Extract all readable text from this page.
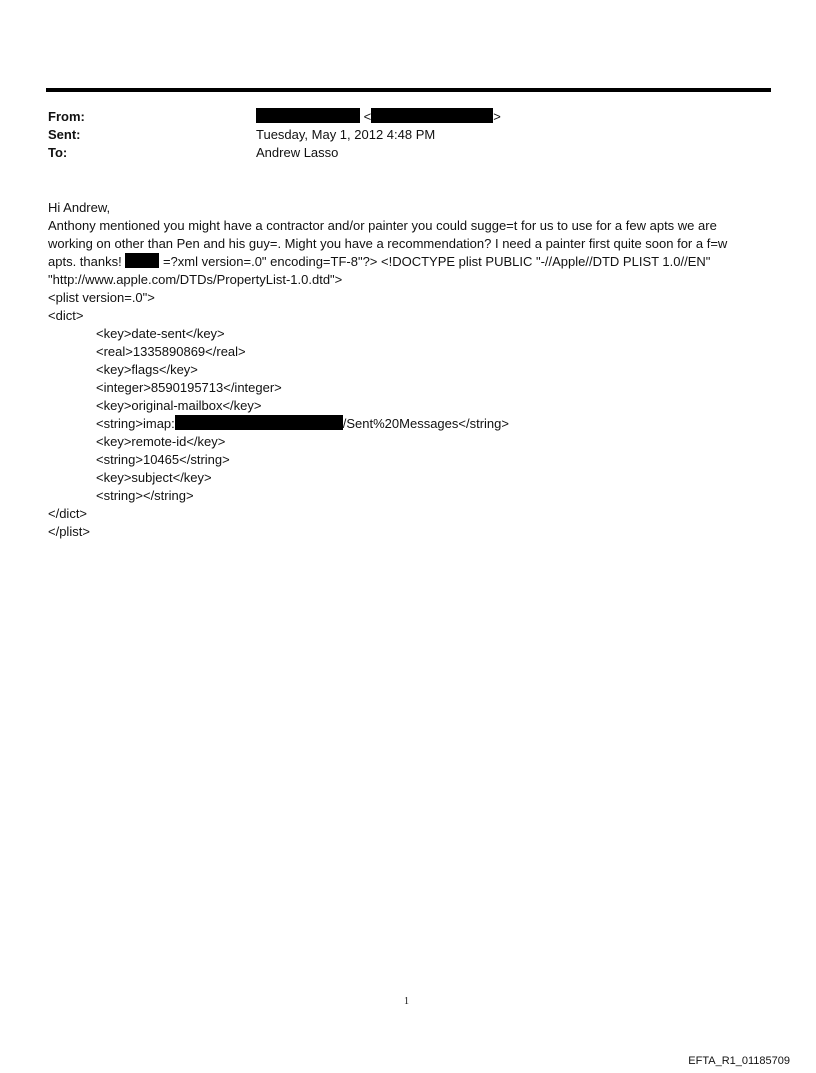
From:	<	>
Sent:	Tuesday, May 1, 2012 4:48 PM
To:	Andrew Lasso
Hi Andrew,
Anthony mentioned you might have a contractor and/or painter you could sugge=t for us to use for a few apts we are
working on other than Pen and his guy=. Might you have a recommendation? I need a painter first quite soon for a f=w
apts. thanks!	=?xml version=.0" encoding=TF-8"?> <!DOCTYPE plist PUBLIC "-//Apple//DTD PLIST 1.0//EN"
"http://www.apple.com/DTDs/PropertyList-1.0.dtd">
<plist version=.0">
<dict>
<key>date-sent</key>
<real>1335890869</real>
<key>flags</key>
<integer>8590195713</integer>
<key>original-mailbox</key>
<string>imap:	/Sent%20Messages</string>
<key>remote-id</key>
<string>10465</string>
<key>subject</key>
<string></string>
</dict>
</plist>
1
EFTA_R1_01185709
